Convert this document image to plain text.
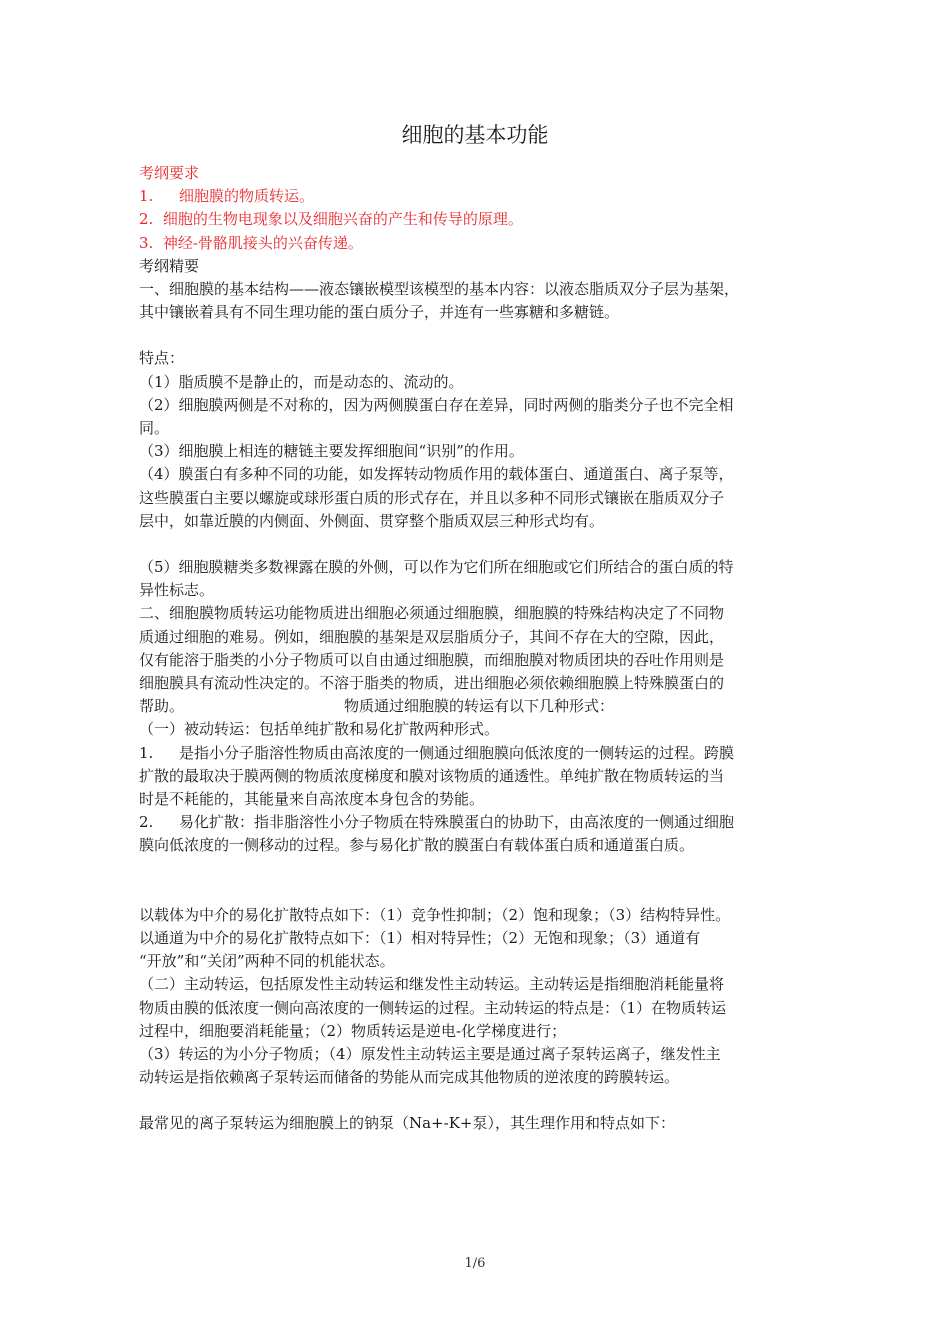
细胞的基本功能

考纲要求

1. 细胞膜的物质转运。

2. 细胞的生物电现象以及细胞兴奋的产生和传导的原理。

3. 神经-骨骼肌接头的兴奋传递。

考纲精要

一、细胞膜的基本结构——液态镶嵌模型该模型的基本内容：以液态脂质双分子层为基架，

其中镶嵌着具有不同生理功能的蛋白质分子，并连有一些寡糖和多糖链。

特点：

（1）脂质膜不是静止的，而是动态的、流动的。

（2）细胞膜两侧是不对称的，因为两侧膜蛋白存在差异，同时两侧的脂类分子也不完全相

同。

（3）细胞膜上相连的糖链主要发挥细胞间“识别”的作用。

（4）膜蛋白有多种不同的功能，如发挥转动物质作用的载体蛋白、通道蛋白、离子泵等，

这些膜蛋白主要以螺旋或球形蛋白质的形式存在，并且以多种不同形式镶嵌在脂质双分子

层中，如靠近膜的内侧面、外侧面、贯穿整个脂质双层三种形式均有。

（5）细胞膜糖类多数裸露在膜的外侧，可以作为它们所在细胞或它们所结合的蛋白质的特

异性标志。

二、细胞膜物质转运功能物质进出细胞必须通过细胞膜，细胞膜的特殊结构决定了不同物

质通过细胞的难易。例如，细胞膜的基架是双层脂质分子，其间不存在大的空隙，因此，

仅有能溶于脂类的小分子物质可以自由通过细胞膜，而细胞膜对物质团块的吞吐作用则是

细胞膜具有流动性决定的。不溶于脂类的物质，进出细胞必须依赖细胞膜上特殊膜蛋白的

帮助。	物质通过细胞膜的转运有以下几种形式：

（一）被动转运：包括单纯扩散和易化扩散两种形式。

1. 是指小分子脂溶性物质由高浓度的一侧通过细胞膜向低浓度的一侧转运的过程。跨膜

扩散的最取决于膜两侧的物质浓度梯度和膜对该物质的通透性。单纯扩散在物质转运的当

时是不耗能的，其能量来自高浓度本身包含的势能。

2. 易化扩散：指非脂溶性小分子物质在特殊膜蛋白的协助下，由高浓度的一侧通过细胞

膜向低浓度的一侧移动的过程。参与易化扩散的膜蛋白有载体蛋白质和通道蛋白质。

以载体为中介的易化扩散特点如下：（1）竞争性抑制；（2）饱和现象；（3）结构特异性。

以通道为中介的易化扩散特点如下：（1）相对特异性；（2）无饱和现象；（3）通道有

“开放”和“关闭”两种不同的机能状态。

（二）主动转运，包括原发性主动转运和继发性主动转运。主动转运是指细胞消耗能量将

物质由膜的低浓度一侧向高浓度的一侧转运的过程。主动转运的特点是：（1）在物质转运

过程中，细胞要消耗能量；（2）物质转运是逆电-化学梯度进行；

（3）转运的为小分子物质；（4）原发性主动转运主要是通过离子泵转运离子，继发性主

动转运是指依赖离子泵转运而储备的势能从而完成其他物质的逆浓度的跨膜转运。

最常见的离子泵转运为细胞膜上的钠泵（Na+-K+泵），其生理作用和特点如下：

1/6
